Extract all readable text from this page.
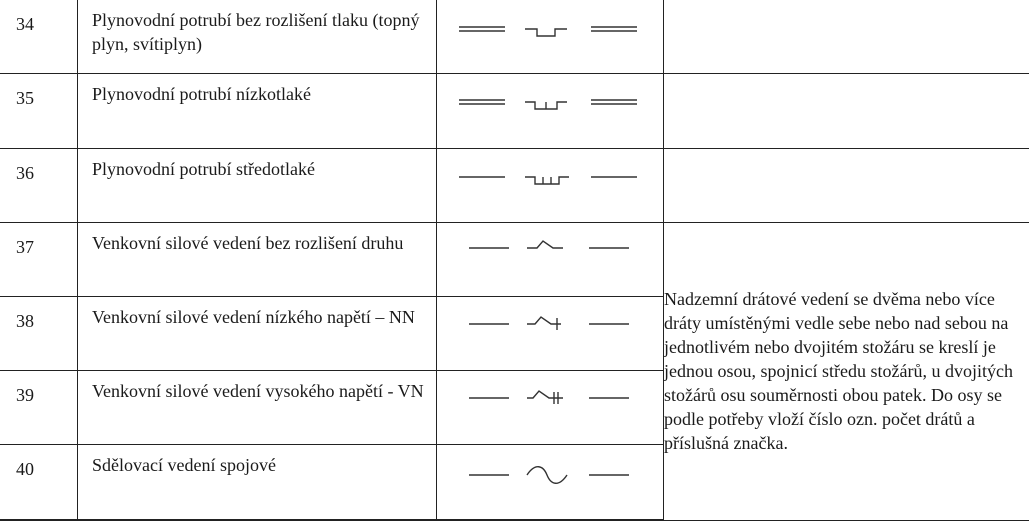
34	Plynovodní potrubí bez rozlišení tlaku (topný plyn, svítiplyn)

35	Plynovodní potrubí nízkotlaké

36	Plynovodní potrubí středotlaké

37	Venkovní silové vedení bez rozlišení druhu		Nadzemní drátové vedení se dvěma nebo více dráty umístěnými vedle sebe nebo nad sebou na jednotlivém nebo dvojitém stožáru se kreslí je jednou osou, spojnicí středu stožárů, u dvojitých stožárů osu souměrnosti obou patek. Do osy se podle potřeby vloží číslo ozn. počet drátů a příslušná značka.

38	Venkovní silové vedení nízkého napětí – NN

39	Venkovní silové vedení vysokého napětí - VN

40	Sdělovací vedení spojové
